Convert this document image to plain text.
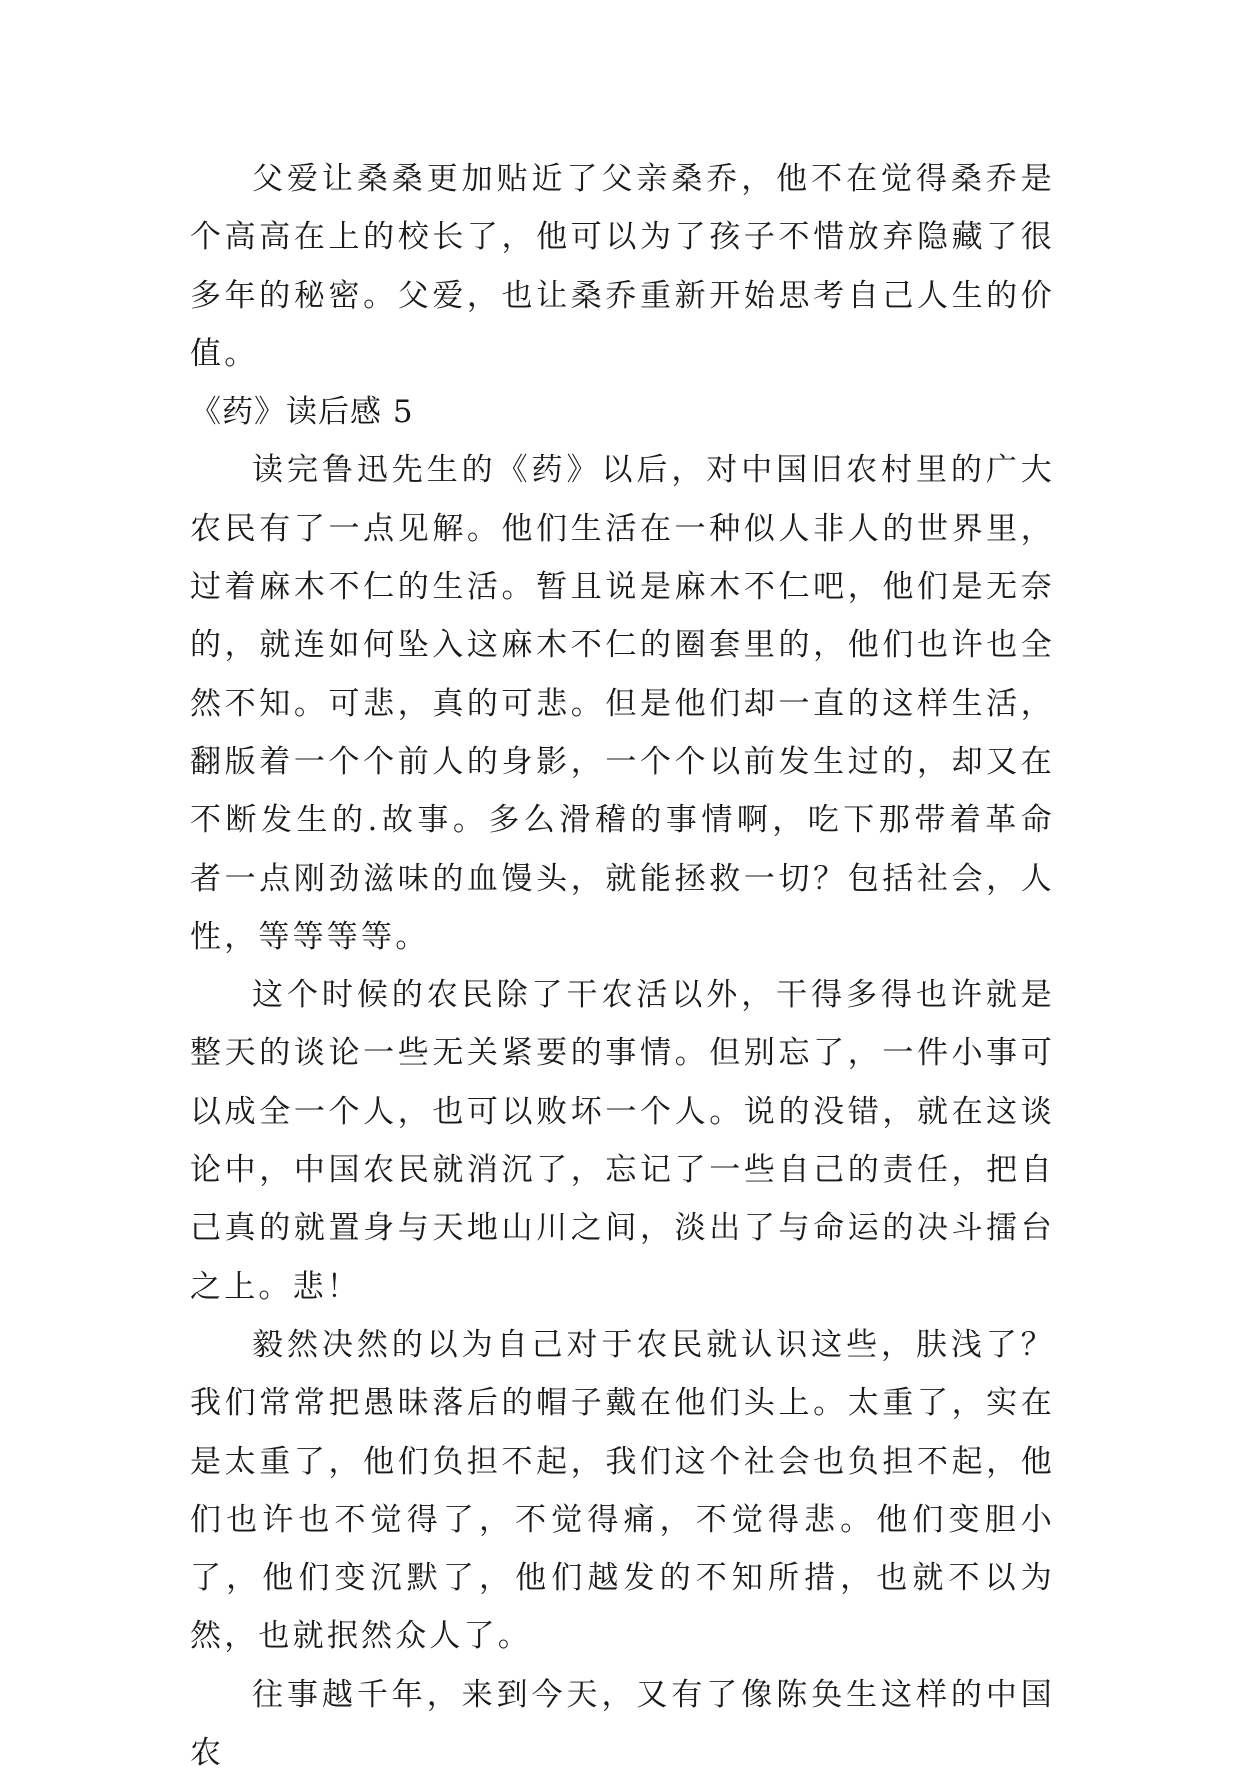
父爱让桑桑更加贴近了父亲桑乔，他不在觉得桑乔是个高高在上的校长了，他可以为了孩子不惜放弃隐藏了很多年的秘密。父爱，也让桑乔重新开始思考自己人生的价值。

《药》读后感 5

读完鲁迅先生的《药》以后，对中国旧农村里的广大农民有了一点见解。他们生活在一种似人非人的世界里，过着麻木不仁的生活。暂且说是麻木不仁吧，他们是无奈的，就连如何坠入这麻木不仁的圈套里的，他们也许也全然不知。可悲，真的可悲。但是他们却一直的这样生活，翻版着一个个前人的身影，一个个以前发生过的，却又在不断发生的.故事。多么滑稽的事情啊，吃下那带着革命者一点刚劲滋味的血馒头，就能拯救一切？包括社会，人性，等等等等。

这个时候的农民除了干农活以外，干得多得也许就是整天的谈论一些无关紧要的事情。但别忘了，一件小事可以成全一个人，也可以败坏一个人。说的没错，就在这谈论中，中国农民就消沉了，忘记了一些自己的责任，把自己真的就置身与天地山川之间，淡出了与命运的决斗擂台之上。悲！

毅然决然的以为自己对于农民就认识这些，肤浅了？我们常常把愚昧落后的帽子戴在他们头上。太重了，实在是太重了，他们负担不起，我们这个社会也负担不起，他们也许也不觉得了，不觉得痛，不觉得悲。他们变胆小了，他们变沉默了，他们越发的不知所措，也就不以为然，也就抿然众人了。

往事越千年，来到今天，又有了像陈奂生这样的中国农
